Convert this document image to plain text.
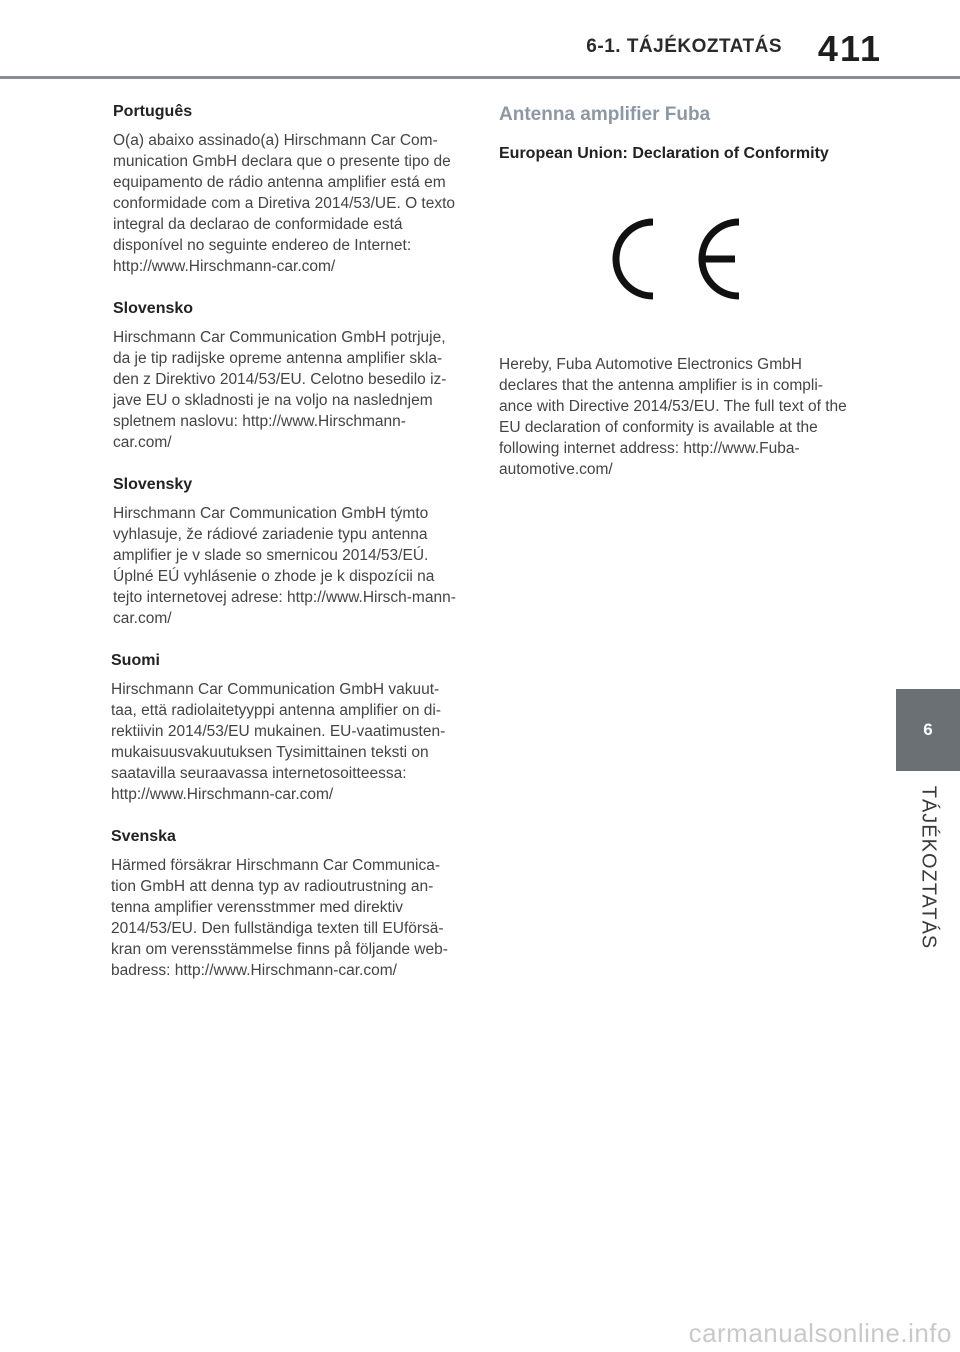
6-1. TÁJÉKOZTATÁS 411
Português

O(a) abaixo assinado(a) Hirschmann Car Com-munication GmbH declara que o presente tipo de equipamento de rádio antenna amplifier está em conformidade com a Diretiva 2014/53/UE. O texto integral da declarao de conformidade está disponível no seguinte endereo de Internet: http://www.Hirschmann-car.com/

Slovensko

Hirschmann Car Communication GmbH potrjuje, da je tip radijske opreme antenna amplifier skla-den z Direktivo 2014/53/EU. Celotno besedilo iz-jave EU o skladnosti je na voljo na naslednjem spletnem naslovu: http://www.Hirschmann-car.com/

Slovensky

Hirschmann Car Communication GmbH týmto vyhlasuje, že rádiové zariadenie typu antenna amplifier je v slade so smernicou 2014/53/EÚ. Úplné EÚ vyhlásenie o zhode je k dispozícii na tejto internetovej adrese: http://www.Hirsch-mann-car.com/

Suomi

Hirschmann Car Communication GmbH vakuut-taa, että radiolaitetyyppi antenna amplifier on di-rektiivin 2014/53/EU mukainen. EU-vaatimusten-mukaisuusvakuutuksen Tysimittainen teksti on saatavilla seuraavassa internetosoitteessa: http://www.Hirschmann-car.com/

Svenska

Härmed försäkrar Hirschmann Car Communica-tion GmbH att denna typ av radioutrustning an-tenna amplifier verensstmmer med direktiv 2014/53/EU. Den fullständiga texten till EUförsä-kran om verensstämmelse finns på följande web-badress: http://www.Hirschmann-car.com/

Antenna amplifier Fuba
European Union: Declaration of Conformity

Hereby, Fuba Automotive Electronics GmbH declares that the antenna amplifier is in compli-ance with Directive 2014/53/EU. The full text of the EU declaration of conformity is available at the following internet address: http://www.Fuba-automotive.com/

6
TÁJÉKOZTATÁS
carmanualsonline.info
